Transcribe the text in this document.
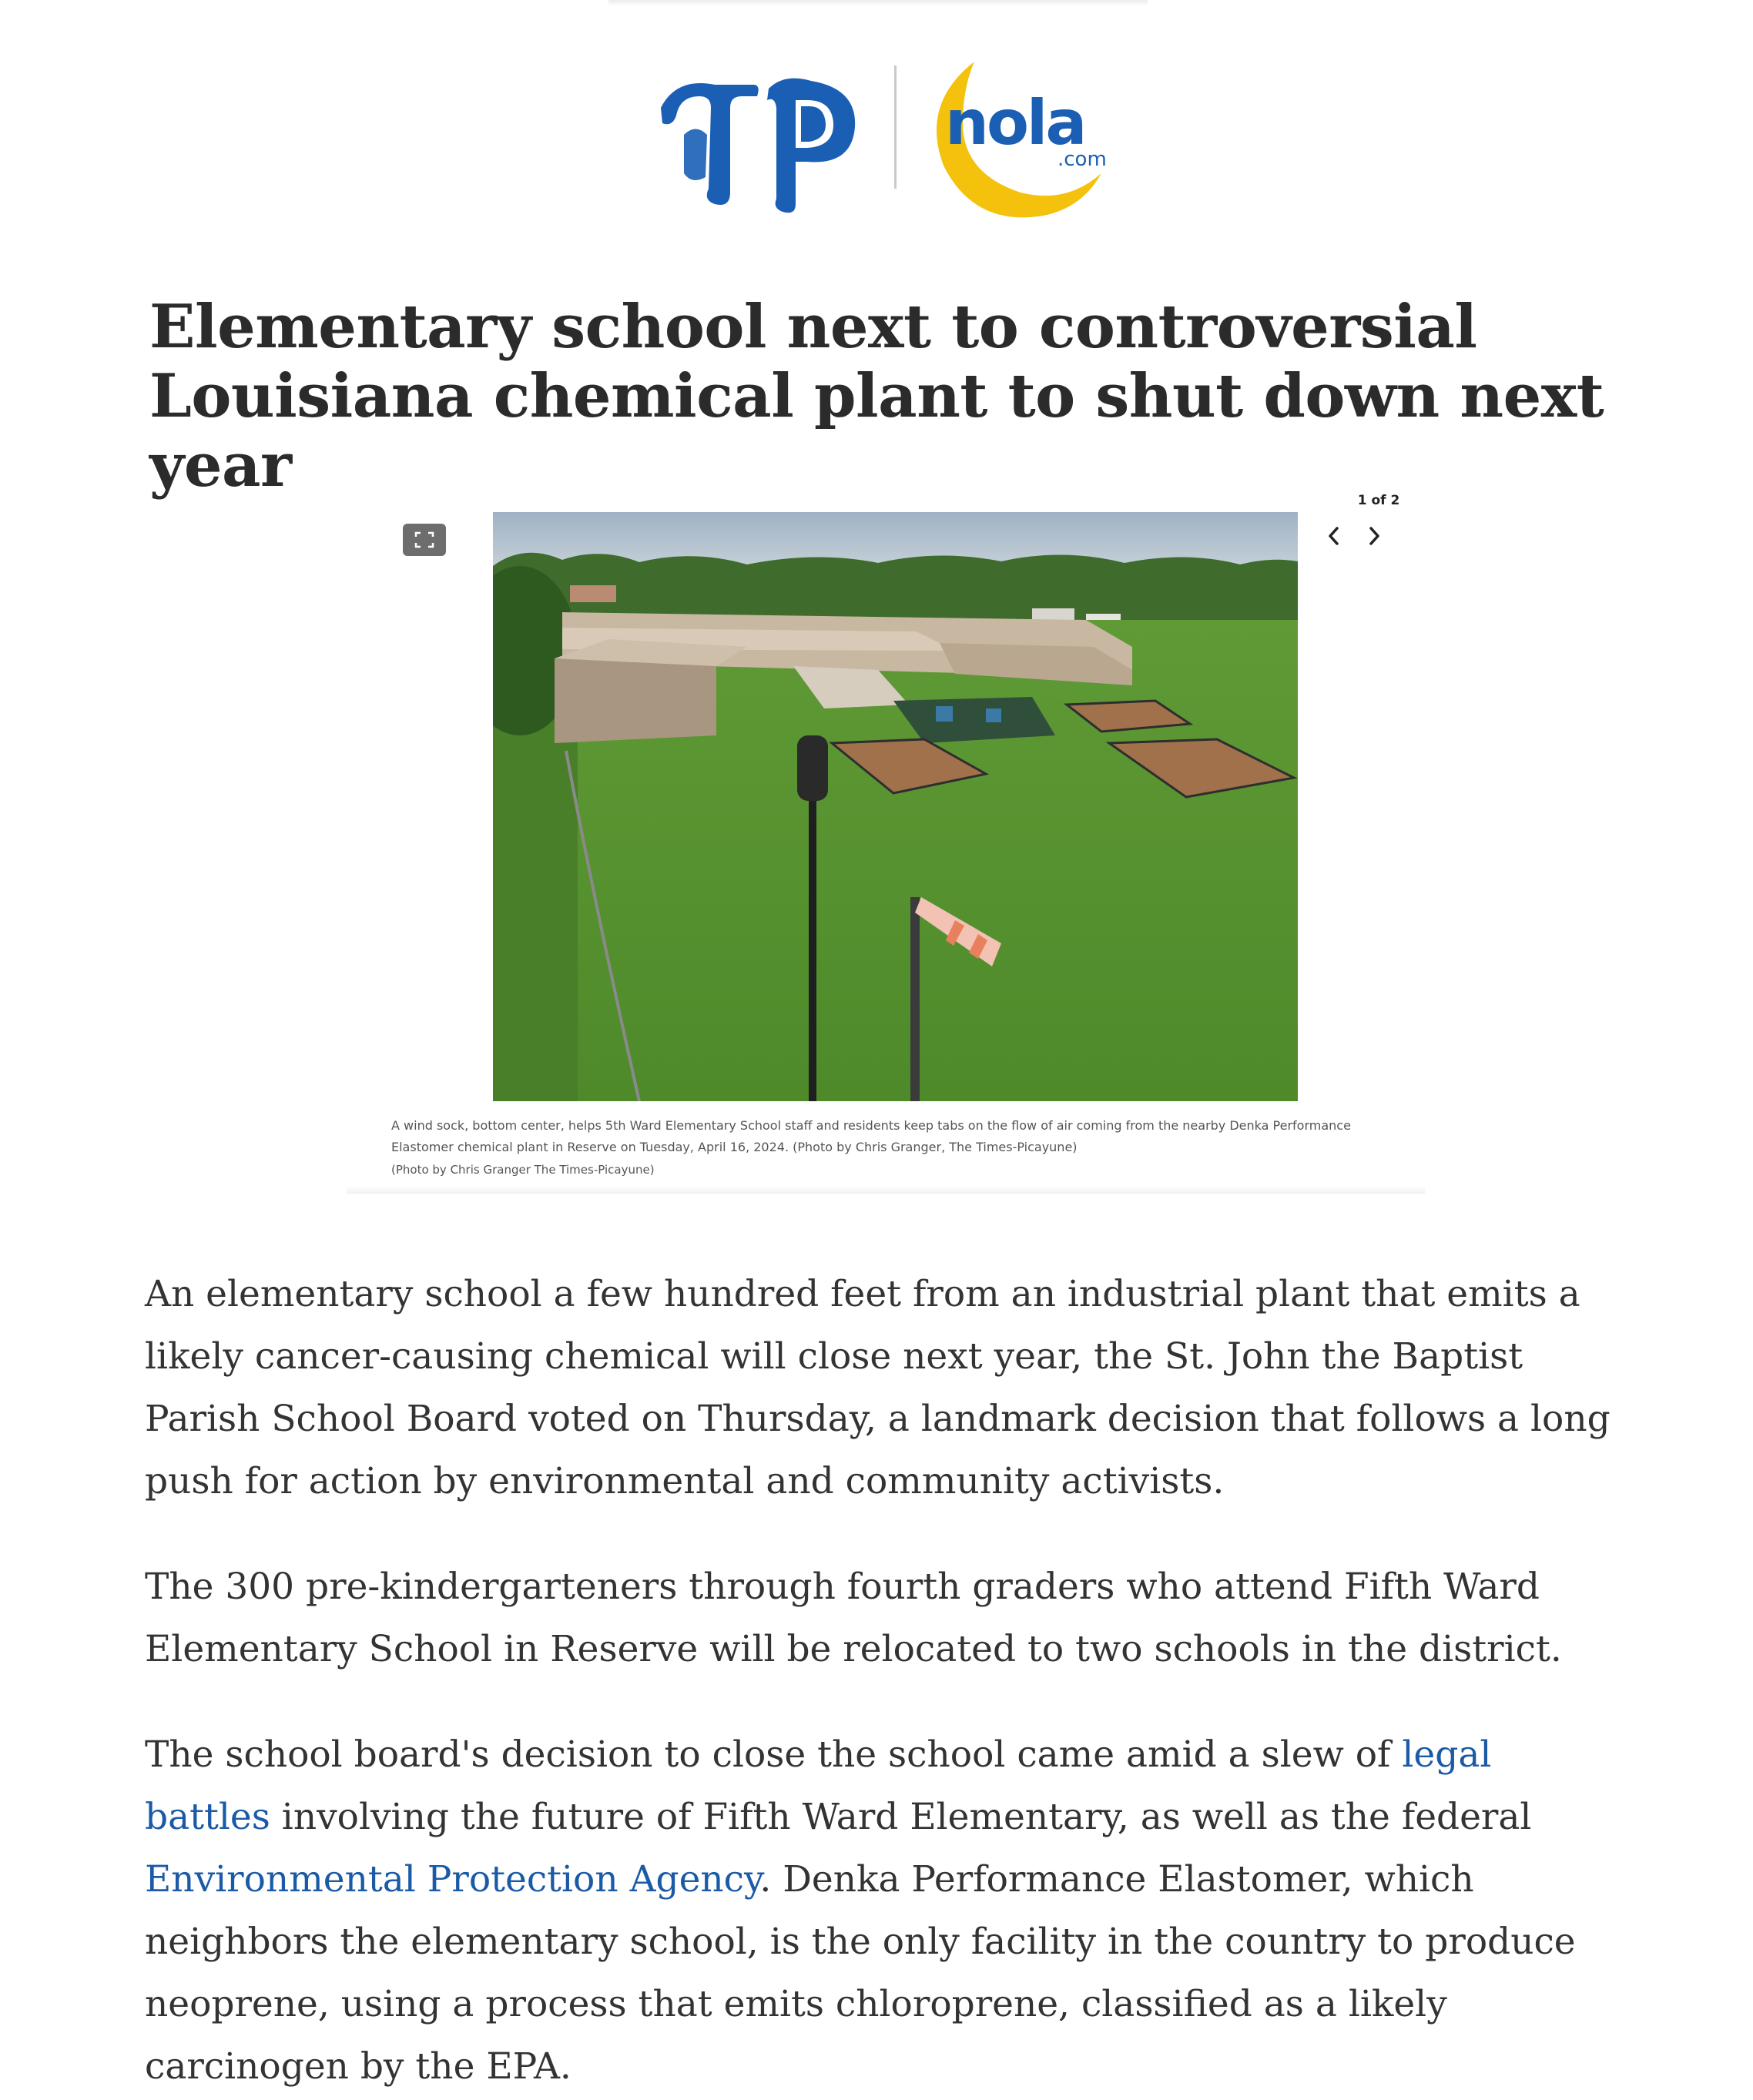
nola
.com
Elementary school next to controversial Louisiana chemical plant to shut down next year	1 of 2

A wind sock, bottom center, helps 5th Ward Elementary School staff and residents keep tabs on the flow of air coming from the nearby Denka Performance Elastomer chemical plant in Reserve on Tuesday, April 16, 2024. (Photo by Chris Granger, The Times-Picayune)

(Photo by Chris Granger The Times-Picayune)

An elementary school a few hundred feet from an industrial plant that emits a likely cancer-causing chemical will close next year, the St. John the Baptist Parish School Board voted on Thursday, a landmark decision that follows a long push for action by environmental and community activists.

The 300 pre-kindergarteners through fourth graders who attend Fifth Ward Elementary School in Reserve will be relocated to two schools in the district.

The school board's decision to close the school came amid a slew of legal battles involving the future of Fifth Ward Elementary, as well as the federal Environmental Protection Agency. Denka Performance Elastomer, which neighbors the elementary school, is the only facility in the country to produce neoprene, using a process that emits chloroprene, classified as a likely carcinogen by the EPA.
